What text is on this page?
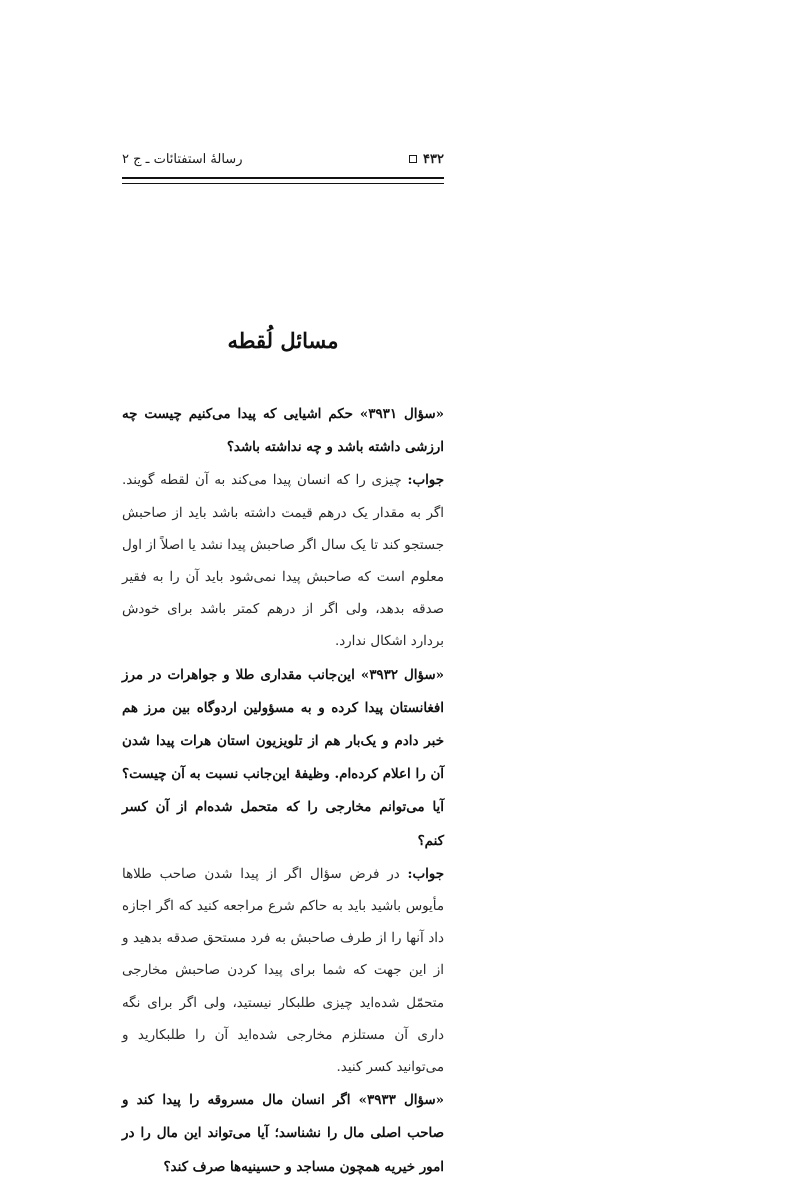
۴۳۲
رسالهٔ استفتائات ـ ج ۲
مسائل لُقطه

«سؤال ۳۹۳۱» حکم اشیایی که پیدا می‌کنیم چیست چه ارزشی داشته باشد و چه نداشته باشد؟

جواب: چیزی را که انسان پیدا می‌کند به آن لقطه گویند. اگر به مقدار یک درهم قیمت داشته باشد باید از صاحبش جستجو کند تا یک سال اگر صاحبش پیدا نشد یا اصلاً از اول معلوم است که صاحبش پیدا نمی‌شود باید آن را به فقیر صدقه بدهد، ولی اگر از درهم کمتر باشد برای خودش بردارد اشکال ندارد.

«سؤال ۳۹۳۲» این‌جانب مقداری طلا و جواهرات در مرز افغانستان پیدا کرده و به مسؤولین اردوگاه بین مرز هم خبر دادم و یک‌بار هم از تلویزیون استان هرات پیدا شدن آن را اعلام کرده‌ام. وظیفهٔ این‌جانب نسبت به آن چیست؟ آیا می‌توانم مخارجی را که متحمل شده‌ام از آن کسر کنم؟

جواب: در فرض سؤال اگر از پیدا شدن صاحب طلاها مأیوس باشید باید به حاکم شرع مراجعه کنید که اگر اجازه داد آنها را از طرف صاحبش به فرد مستحق صدقه بدهید و از این جهت که شما برای پیدا کردن صاحبش مخارجی متحمّل شده‌اید چیزی طلبکار نیستید، ولی اگر برای نگه داری آن مستلزم مخارجی شده‌اید آن را طلبکارید و می‌توانید کسر کنید.

«سؤال ۳۹۳۳» اگر انسان مال مسروقه را پیدا کند و صاحب اصلی مال را نشناسد؛ آیا می‌تواند این مال را در امور خیریه همچون مساجد و حسینیه‌ها صرف کند؟
